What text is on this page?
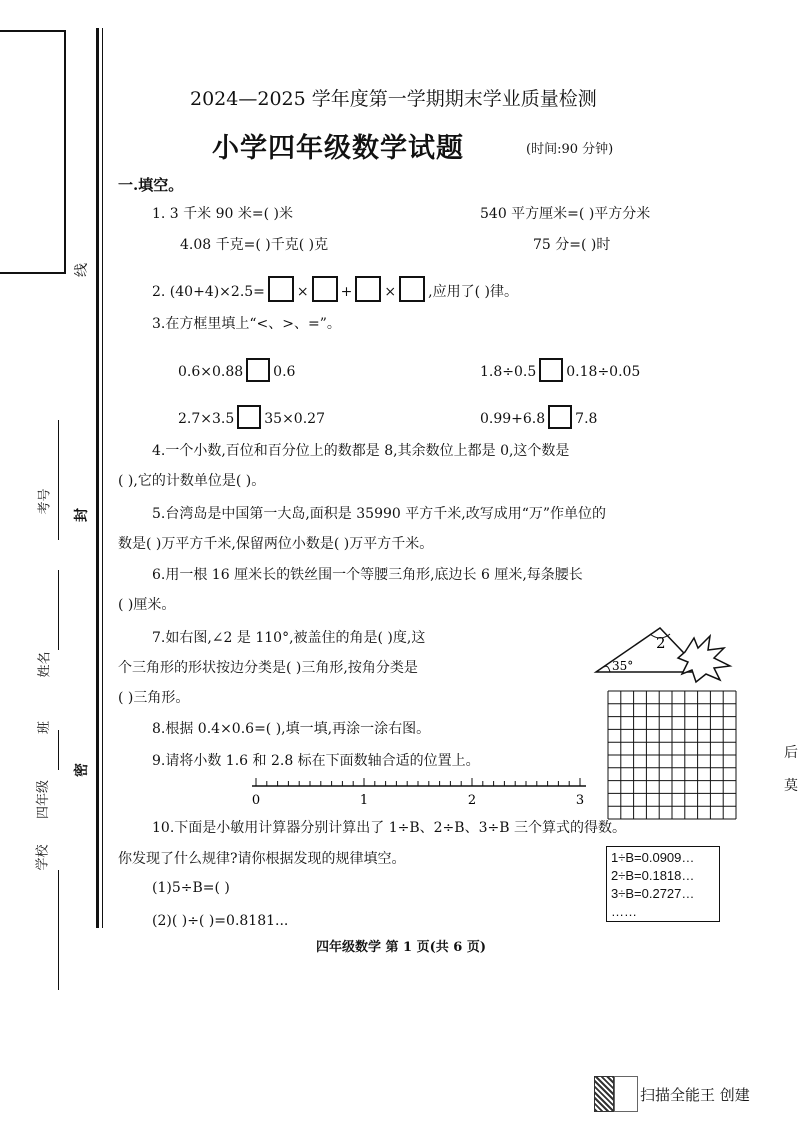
线
封
密
考号
姓名
班
四年级
学校
2024—2025 学年度第一学期期末学业质量检测
小学四年级数学试题	(时间:90 分钟)
一.填空。
1. 3 千米 90 米=( )米	540 平方厘米=( )平方分米
4.08 千克=( )千克( )克	75 分=( )时
2. (40+4)×2.5= × + × ,应用了( )律。
3.在方框里填上“<、>、=”。
0.6×0.88 0.6	1.8÷0.5 0.18÷0.05
2.7×3.5 35×0.27	0.99+6.8 7.8
4.一个小数,百位和百分位上的数都是 8,其余数位上都是 0,这个数是
( ),它的计数单位是( )。
5.台湾岛是中国第一大岛,面积是 35990 平方千米,改写成用“万”作单位的
数是( )万平方千米,保留两位小数是( )万平方千米。
6.用一根 16 厘米长的铁丝围一个等腰三角形,底边长 6 厘米,每条腰长
( )厘米。
7.如右图,∠2 是 110°,被盖住的角是( )度,这
个三角形的形状按边分类是( )三角形,按角分类是
( )三角形。
2
35°
8.根据 0.4×0.6=( ),填一填,再涂一涂右图。
9.请将小数 1.6 和 2.8 标在下面数轴合适的位置上。
0	1	2	3
10.下面是小敏用计算器分别计算出了 1÷B、2÷B、3÷B 三个算式的得数。
你发现了什么规律?请你根据发现的规律填空。
(1)5÷B=( )
(2)( )÷( )=0.8181...
1÷B=0.0909…
2÷B=0.1818…
3÷B=0.2727…
……
四年级数学 第 1 页(共 6 页)
后
莫
扫描全能王 创建
